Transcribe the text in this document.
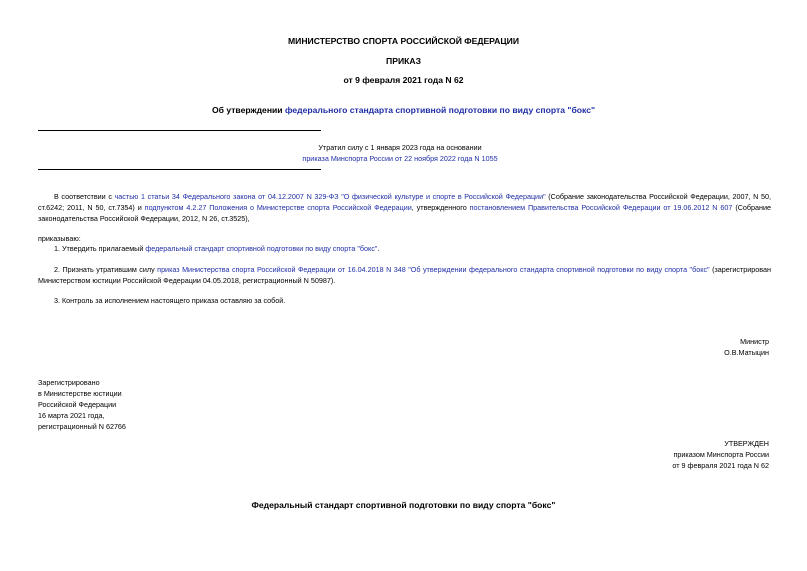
МИНИСТЕРСТВО СПОРТА РОССИЙСКОЙ ФЕДЕРАЦИИ
ПРИКАЗ
от 9 февраля 2021 года N 62
Об утверждении федерального стандарта спортивной подготовки по виду спорта "бокс"
Утратил силу с 1 января 2023 года на основании
приказа Минспорта России от 22 ноября 2022 года N 1055
В соответствии с частью 1 статьи 34 Федерального закона от 04.12.2007 N 329-ФЗ "О физической культуре и спорте в Российской Федерации" (Собрание законодательства Российской Федерации, 2007, N 50, ст.6242; 2011, N 50, ст.7354) и подпунктом 4.2.27 Положения о Министерстве спорта Российской Федерации, утвержденного постановлением Правительства Российской Федерации от 19.06.2012 N 607 (Собрание законодательства Российской Федерации, 2012, N 26, ст.3525),
приказываю:
1. Утвердить прилагаемый федеральный стандарт спортивной подготовки по виду спорта "бокс".
2. Признать утратившим силу приказ Министерства спорта Российской Федерации от 16.04.2018 N 348 "Об утверждении федерального стандарта спортивной подготовки по виду спорта "бокс" (зарегистрирован Министерством юстиции Российской Федерации 04.05.2018, регистрационный N 50987).
3. Контроль за исполнением настоящего приказа оставляю за собой.
Министр
О.В.Матыцин
Зарегистрировано
в Министерстве юстиции
Российской Федерации
16 марта 2021 года,
регистрационный N 62766
УТВЕРЖДЕН
приказом Минспорта России
от 9 февраля 2021 года N 62
Федеральный стандарт спортивной подготовки по виду спорта "бокс"
